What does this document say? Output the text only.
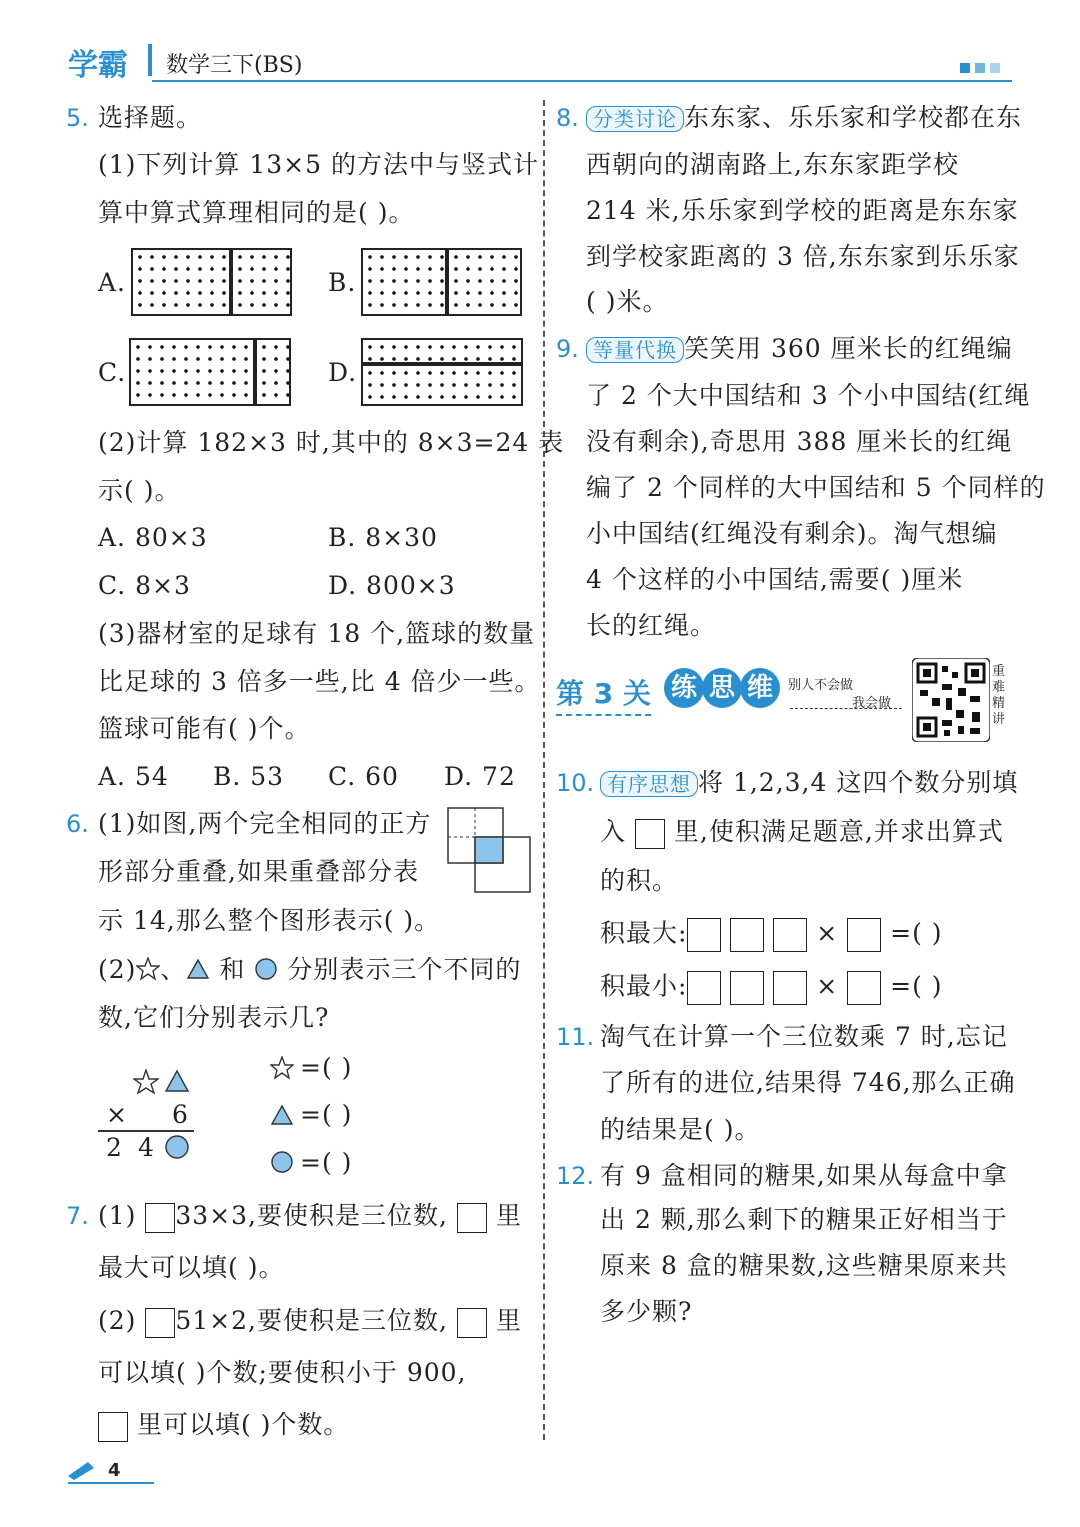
学霸 数学三下(BS)

5. 选择题。
(1)下列计算 13×5 的方法中与竖式计
算中算式算理相同的是( )。
A.	B.
C.	D.
(2)计算 182×3 时,其中的 8×3=24 表
示( )。
A. 80×3	B. 8×30
C. 8×3	D. 800×3
(3)器材室的足球有 18 个,篮球的数量
比足球的 3 倍多一些,比 4 倍少一些。
篮球可能有( )个。
A. 54 B. 53 C. 60 D. 72
6. (1)如图,两个完全相同的正方
形部分重叠,如果重叠部分表
示 14,那么整个图形表示( )。
(2) 、 和 分别表示三个不同的
数,它们分别表示几?
× 6
2 4
=( )
=( )
=( )
7. (1) 33×3,要使积是三位数, 里
最大可以填( )。
(2) 51×2,要使积是三位数, 里
可以填( )个数;要使积小于 900,
里可以填( )个数。
4
8. 分类讨论 东东家、乐乐家和学校都在东
西朝向的湖南路上,东东家距学校
214 米,乐乐家到学校的距离是东东家
到学校家距离的 3 倍,东东家到乐乐家
( )米。
9. 等量代换 笑笑用 360 厘米长的红绳编
了 2 个大中国结和 3 个小中国结(红绳
没有剩余),奇思用 388 厘米长的红绳
编了 2 个同样的大中国结和 5 个同样的
小中国结(红绳没有剩余)。淘气想编
4 个这样的小中国结,需要( )厘米
长的红绳。
第 3 关 练 思 维	别人不会做
我会做
重难精讲
10. 有序思想 将 1,2,3,4 这四个数分别填
入 里,使积满足题意,并求出算式
的积。
积最大:	× =( )
积最小:	× =( )
11. 淘气在计算一个三位数乘 7 时,忘记
了所有的进位,结果得 746,那么正确
的结果是( )。
12. 有 9 盒相同的糖果,如果从每盒中拿
出 2 颗,那么剩下的糖果正好相当于
原来 8 盒的糖果数,这些糖果原来共
多少颗?
